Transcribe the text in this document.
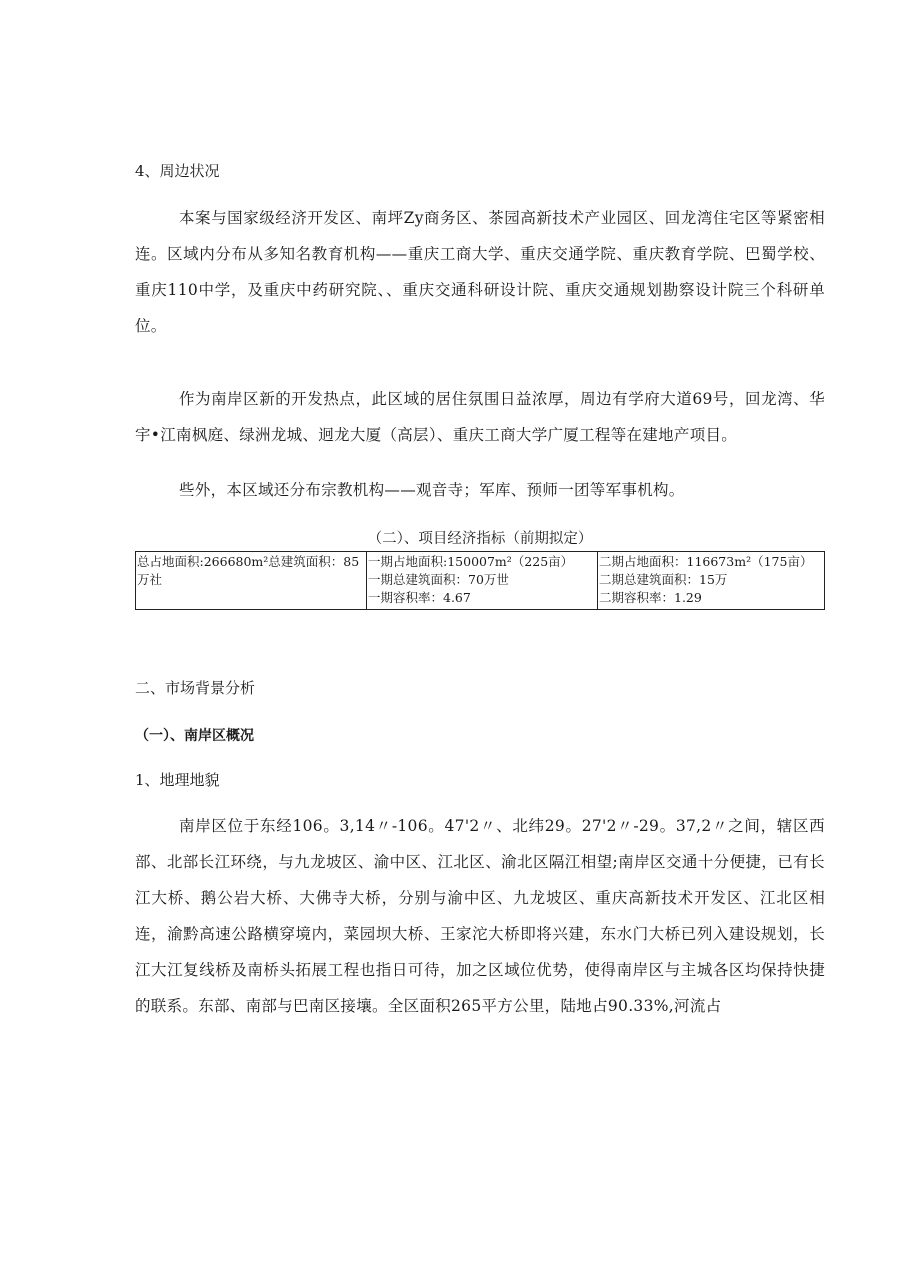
4、周边状况
本案与国家级经济开发区、南坪Zy商务区、茶园高新技术产业园区、回龙湾住宅区等紧密相连。区域内分布从多知名教育机构——重庆工商大学、重庆交通学院、重庆教育学院、巴蜀学校、重庆110中学，及重庆中药研究院、、重庆交通科研设计院、重庆交通规划勘察设计院三个科研单位。
作为南岸区新的开发热点，此区域的居住氛围日益浓厚，周边有学府大道69号，回龙湾、华宇•江南枫庭、绿洲龙城、迥龙大厦（高层）、重庆工商大学广厦工程等在建地产项目。
些外，本区域还分布宗教机构——观音寺；军库、预师一团等军事机构。
（二）、项目经济指标（前期拟定）
总占地面积:266680m²总建筑面积：85万社

一期占地面积:150007m²（225亩）
一期总建筑面积：70万世
一期容积率：4.67

二期占地面积：116673m²（175亩）
二期总建筑面积：15万
二期容积率：1.29
二、市场背景分析
（一）、南岸区概况
1、地理地貌
南岸区位于东经106。3,14〃-106。47'2〃、北纬29。27'2〃-29。37,2〃之间，辖区西部、北部长江环绕，与九龙坡区、渝中区、江北区、渝北区隔江相望;南岸区交通十分便捷，已有长江大桥、鹅公岩大桥、大佛寺大桥，分别与渝中区、九龙坡区、重庆高新技术开发区、江北区相连，渝黔高速公路横穿境内，菜园坝大桥、王家沱大桥即将兴建，东水门大桥已列入建设规划，长江大江复线桥及南桥头拓展工程也指日可待，加之区域位优势，使得南岸区与主城各区均保持快捷的联系。东部、南部与巴南区接壤。全区面积265平方公里，陆地占90.33%,河流占
